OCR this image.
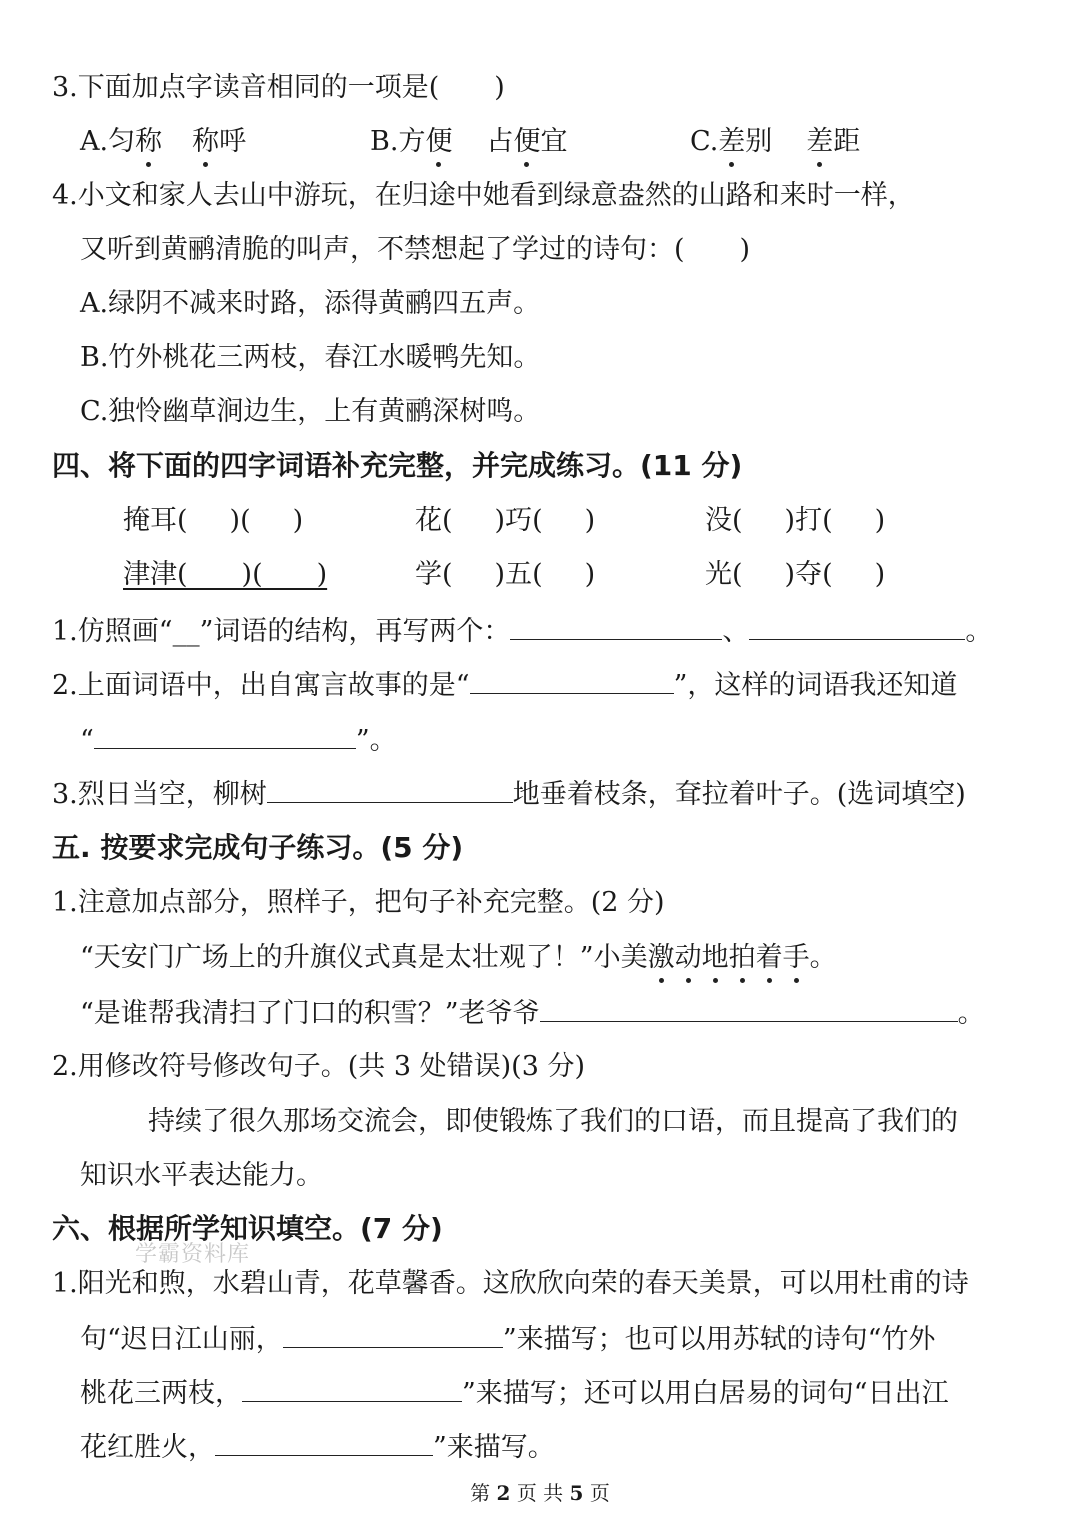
3.下面加点字读音相同的一项是( )
A.匀称 称呼	B.方便 占便宜	C.差别 差距
4.小文和家人去山中游玩，在归途中她看到绿意盎然的山路和来时一样，
又听到黄鹂清脆的叫声，不禁想起了学过的诗句：( )
A.绿阴不减来时路，添得黄鹂四五声。
B.竹外桃花三两枝，春江水暖鸭先知。
C.独怜幽草涧边生，上有黄鹂深树鸣。
四、将下面的四字词语补充完整，并完成练习。(11 分)
掩耳( )( )	花( )巧( )	没( )打( )
津津(　　)(　　)	学( )五( )	光( )夺( )
1.仿照画“__”词语的结构，再写两个：	、	。
2.上面词语中，出自寓言故事的是“	”，这样的词语我还知道
“	”。
3.烈日当空，柳树	地垂着枝条，耷拉着叶子。(选词填空)
五. 按要求完成句子练习。(5 分)
1.注意加点部分，照样子，把句子补充完整。(2 分)
“天安门广场上的升旗仪式真是太壮观了！”小美激动地拍着手。
“是谁帮我清扫了门口的积雪？”老爷爷	。
2.用修改符号修改句子。(共 3 处错误)(3 分)
持续了很久那场交流会，即使锻炼了我们的口语，而且提高了我们的
知识水平表达能力。
六、根据所学知识填空。(7 分)
学霸资料库
1.阳光和煦，水碧山青，花草馨香。这欣欣向荣的春天美景，可以用杜甫的诗
句“迟日江山丽，	”来描写；也可以用苏轼的诗句“竹外
桃花三两枝，	”来描写；还可以用白居易的词句“日出江
花红胜火，	”来描写。
第 2 页 共 5 页
